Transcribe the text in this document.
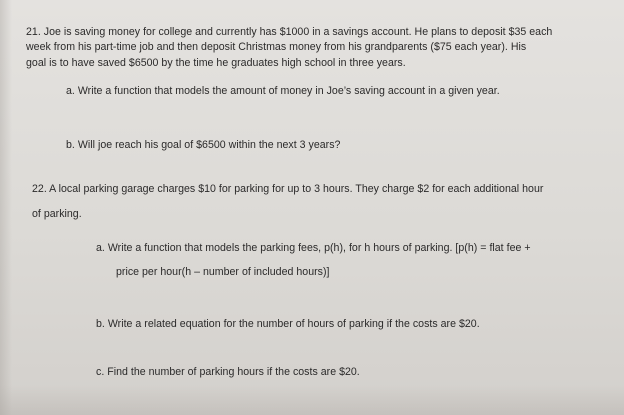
21. Joe is saving money for college and currently has $1000 in a savings account. He plans to deposit $35 each
week from his part-time job and then deposit Christmas money from his grandparents ($75 each year). His
goal is to have saved $6500 by the time he graduates high school in three years.
a. Write a function that models the amount of money in Joe’s saving account in a given year.
b. Will joe reach his goal of $6500 within the next 3 years?
22. A local parking garage charges $10 for parking for up to 3 hours. They charge $2 for each additional hour
of parking.
a. Write a function that models the parking fees, p(h), for h hours of parking. [p(h) = flat fee +
price per hour(h – number of included hours)]
b. Write a related equation for the number of hours of parking if the costs are $20.
c. Find the number of parking hours if the costs are $20.
